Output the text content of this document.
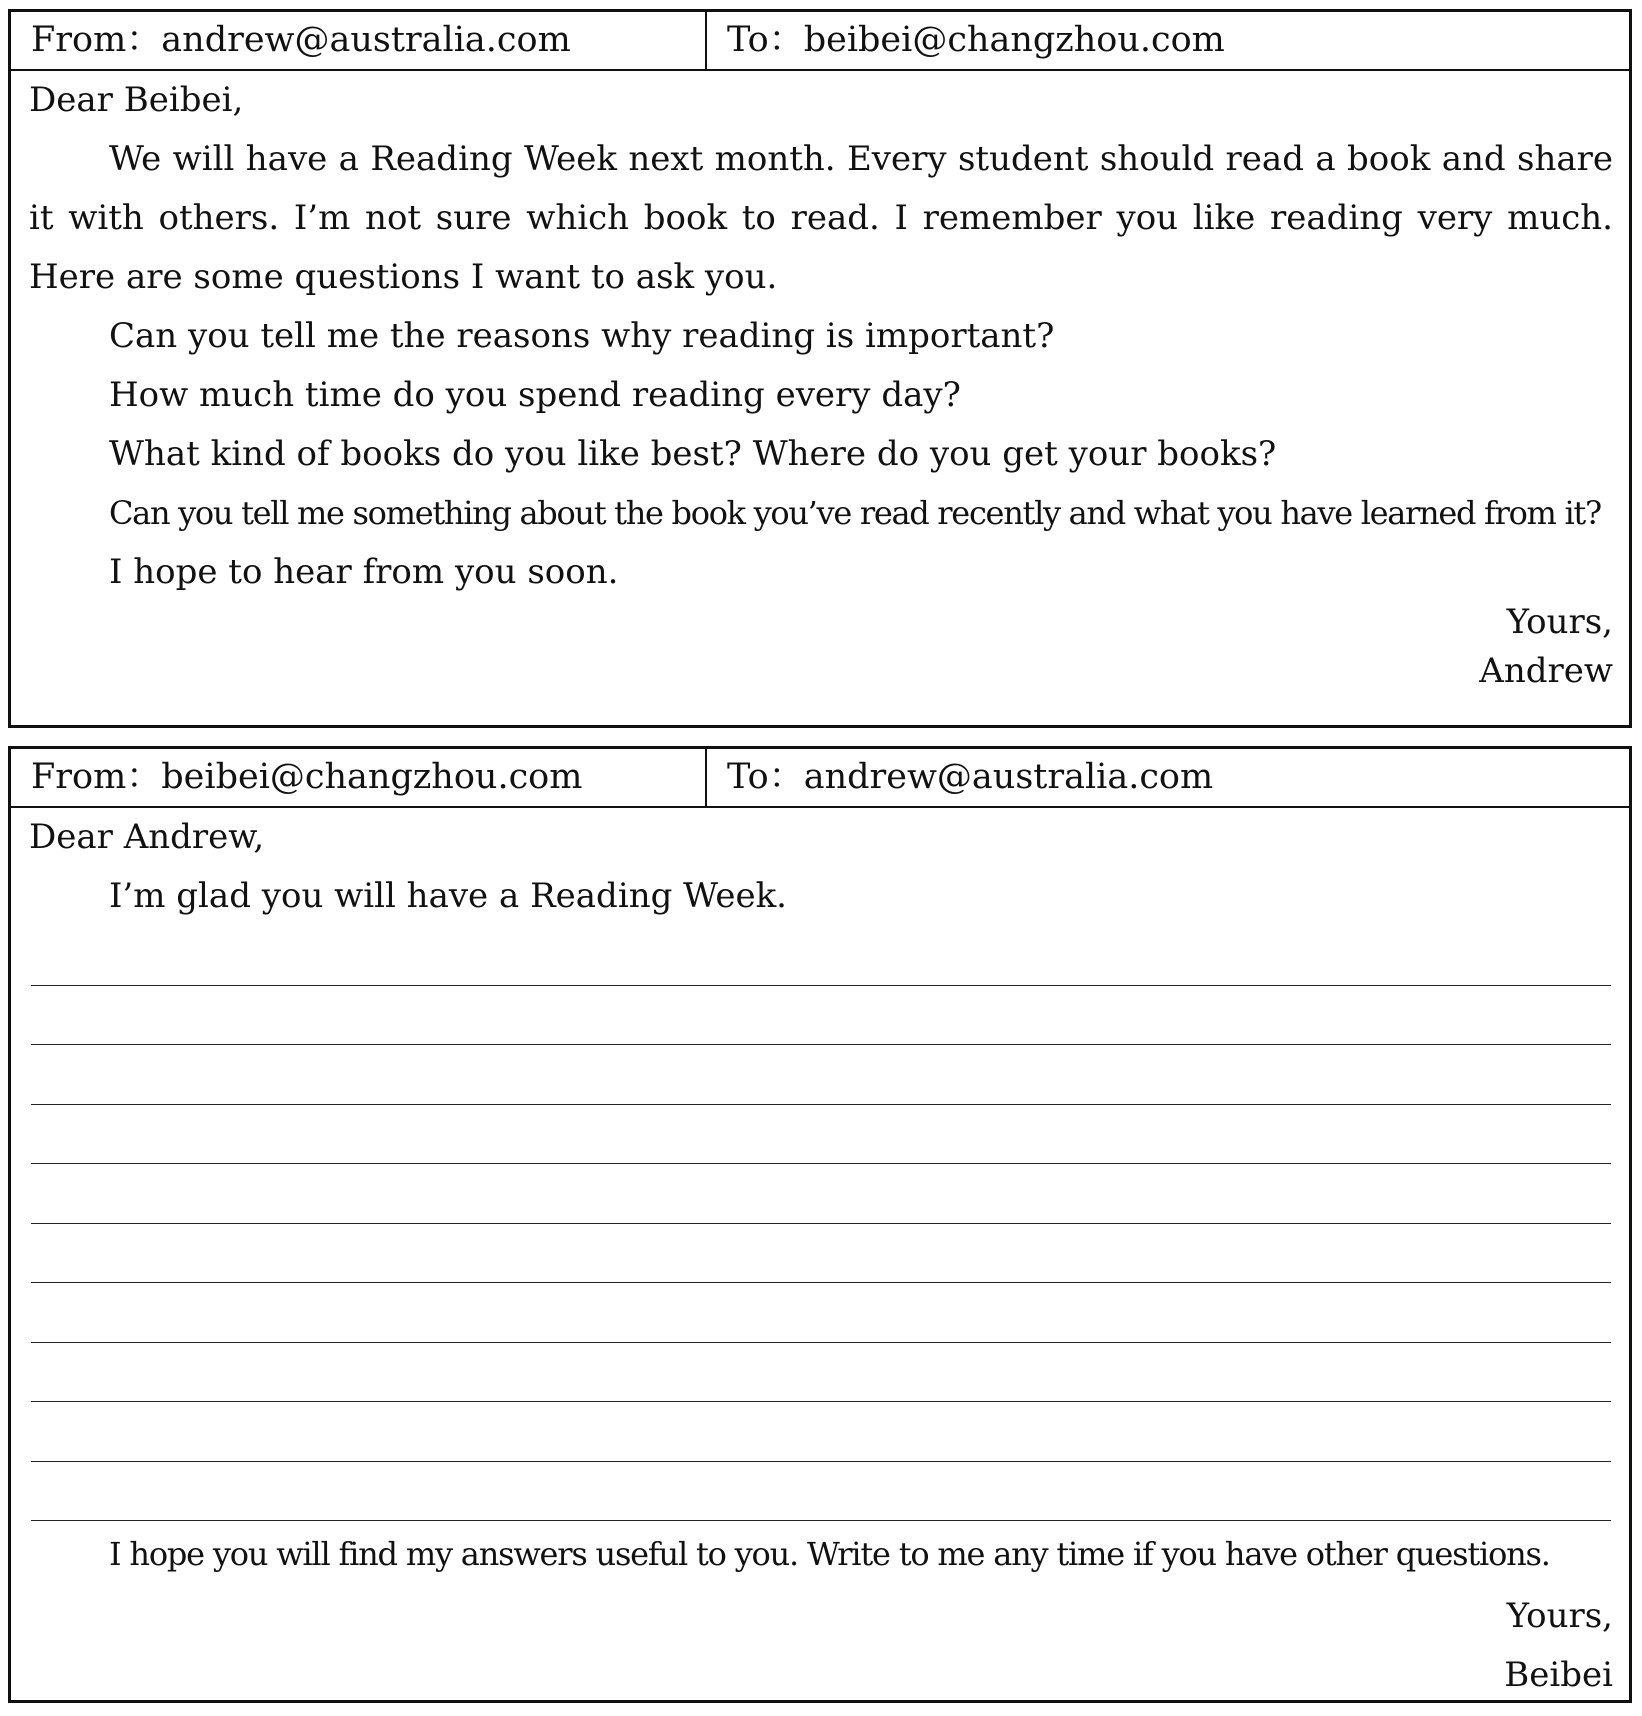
From：andrew@australia.com	To：beibei@changzhou.com
Dear Beibei,

We will have a Reading Week next month. Every student should read a book and share it with others. I’m not sure which book to read. I remember you like reading very much. Here are some questions I want to ask you.

Can you tell me the reasons why reading is important?
How much time do you spend reading every day?
What kind of books do you like best? Where do you get your books?
Can you tell me something about the book you’ve read recently and what you have learned from it?
I hope to hear from you soon.
Yours,
Andrew
From：beibei@changzhou.com	To：andrew@australia.com
Dear Andrew,
I’m glad you will have a Reading Week.
I hope you will find my answers useful to you. Write to me any time if you have other questions.
Yours,
Beibei
